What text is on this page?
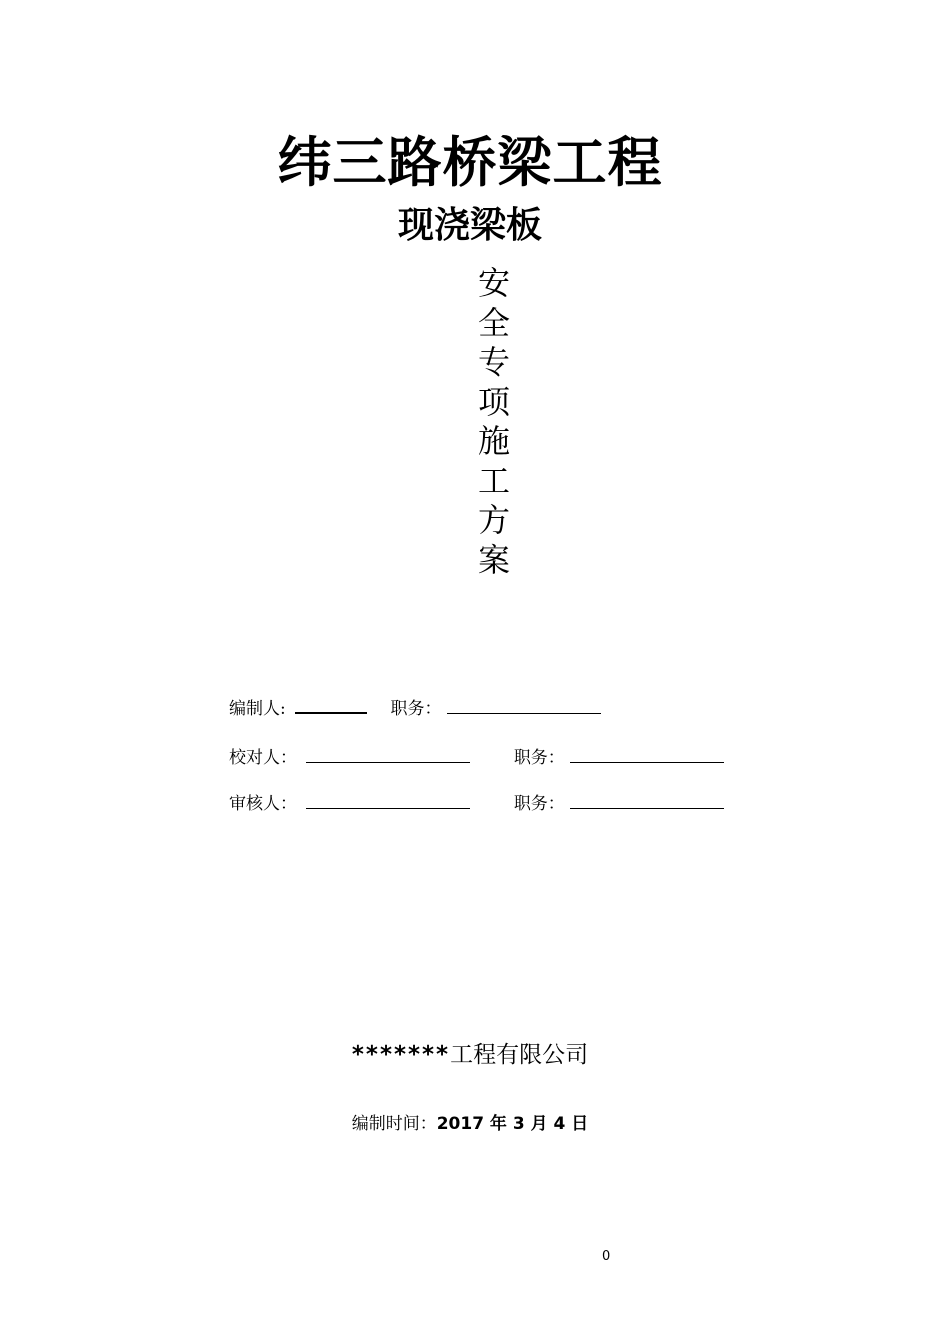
纬三路桥梁工程
现浇梁板
安
全
专
项
施
工
方
案
编制人:	职务：
校对人：	职务：
审核人：	职务：
*******工程有限公司
编制时间：2017 年 3 月 4 日
0
